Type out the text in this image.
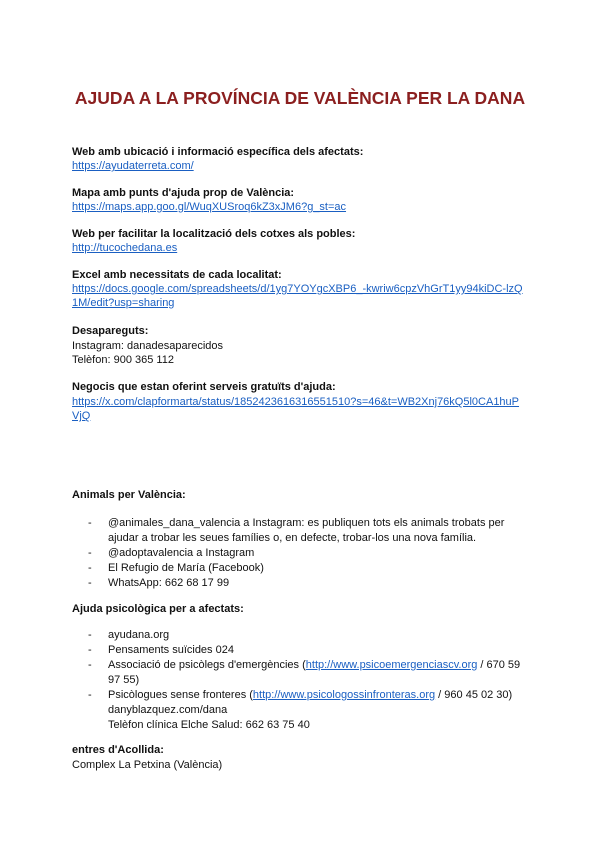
AJUDA A LA PROVÍNCIA DE VALÈNCIA PER LA DANA
Web amb ubicació i informació específica dels afectats:
https://ayudaterreta.com/
Mapa amb punts d'ajuda prop de València:
https://maps.app.goo.gl/WuqXUSroq6kZ3xJM6?g_st=ac
Web per facilitar la localització dels cotxes als pobles:
http://tucochedana.es
Excel amb necessitats de cada localitat:
https://docs.google.com/spreadsheets/d/1yg7YOYgcXBP6_-kwriw6cpzVhGrT1yy94kiDC-lzQ
1M/edit?usp=sharing
Desapareguts:
Instagram: danadesaparecidos
Telèfon: 900 365 112
Negocis que estan oferint serveis gratuïts d'ajuda:
https://x.com/clapformarta/status/1852423616316551510?s=46&t=WB2Xnj76kQ5l0CA1huP
VjQ
Animals per València:
- @animales_dana_valencia a Instagram: es publiquen tots els animals trobats per
ajudar a trobar les seues famílies o, en defecte, trobar-los una nova família.
- @adoptavalencia a Instagram
- El Refugio de María (Facebook)
- WhatsApp: 662 68 17 99
Ajuda psicològica per a afectats:
- ayudana.org
- Pensaments suïcides 024
- Associació de psicòlegs d'emergències (http://www.psicoemergenciascv.org / 670 59
97 55)
- Psicòlogues sense fronteres (http://www.psicologossinfronteras.org / 960 45 02 30)
danyblazquez.com/dana
Telèfon clínica Elche Salud: 662 63 75 40
entres d'Acollida:
Complex La Petxina (València)
